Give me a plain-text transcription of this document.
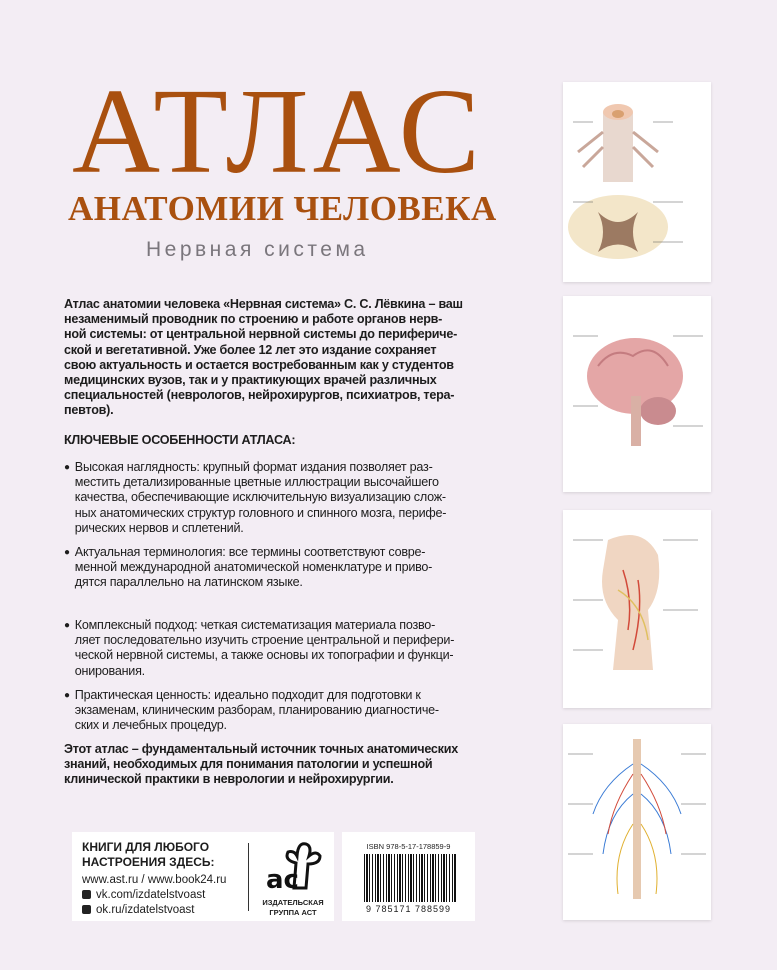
АТЛАС
АНАТОМИИ ЧЕЛОВЕКА
Нервная система
Атлас анатомии человека «Нервная система» С. С. Лёвкина – ваш
незаменимый проводник по строению и работе органов нерв-
ной системы: от центральной нервной системы до перифериче-
ской и вегетативной. Уже более 12 лет это издание сохраняет
свою актуальность и остается востребованным как у студентов
медицинских вузов, так и у практикующих врачей различных
специальностей (неврологов, нейрохирургов, психиатров, тера-
певтов).
КЛЮЧЕВЫЕ ОСОБЕННОСТИ АТЛАСА:
● Высокая наглядность: крупный формат издания позволяет раз-
местить детализированные цветные иллюстрации высочайшего
качества, обеспечивающие исключительную визуализацию слож-
ных анатомических структур головного и спинного мозга, перифе-
рических нервов и сплетений.
● Актуальная терминология: все термины соответствуют совре-
менной международной анатомической номенклатуре и приво-
дятся параллельно на латинском языке.
● Комплексный подход: четкая систематизация материала позво-
ляет последовательно изучить строение центральной и перифери-
ческой нервной системы, а также основы их топографии и функци-
онирования.
● Практическая ценность: идеально подходит для подготовки к
экзаменам, клиническим разборам, планированию диагностиче-
ских и лечебных процедур.
Этот атлас – фундаментальный источник точных анатомических
знаний, необходимых для понимания патологии и успешной
клинической практики в неврологии и нейрохирургии.
КНИГИ ДЛЯ ЛЮБОГО
НАСТРОЕНИЯ ЗДЕСЬ:
www.ast.ru / www.book24.ru
vk.com/izdatelstvoast
ok.ru/izdatelstvoast
ac
ИЗДАТЕЛЬСКАЯ
ГРУППА АСТ
ISBN 978-5-17-178859-9
9 785171 788599
